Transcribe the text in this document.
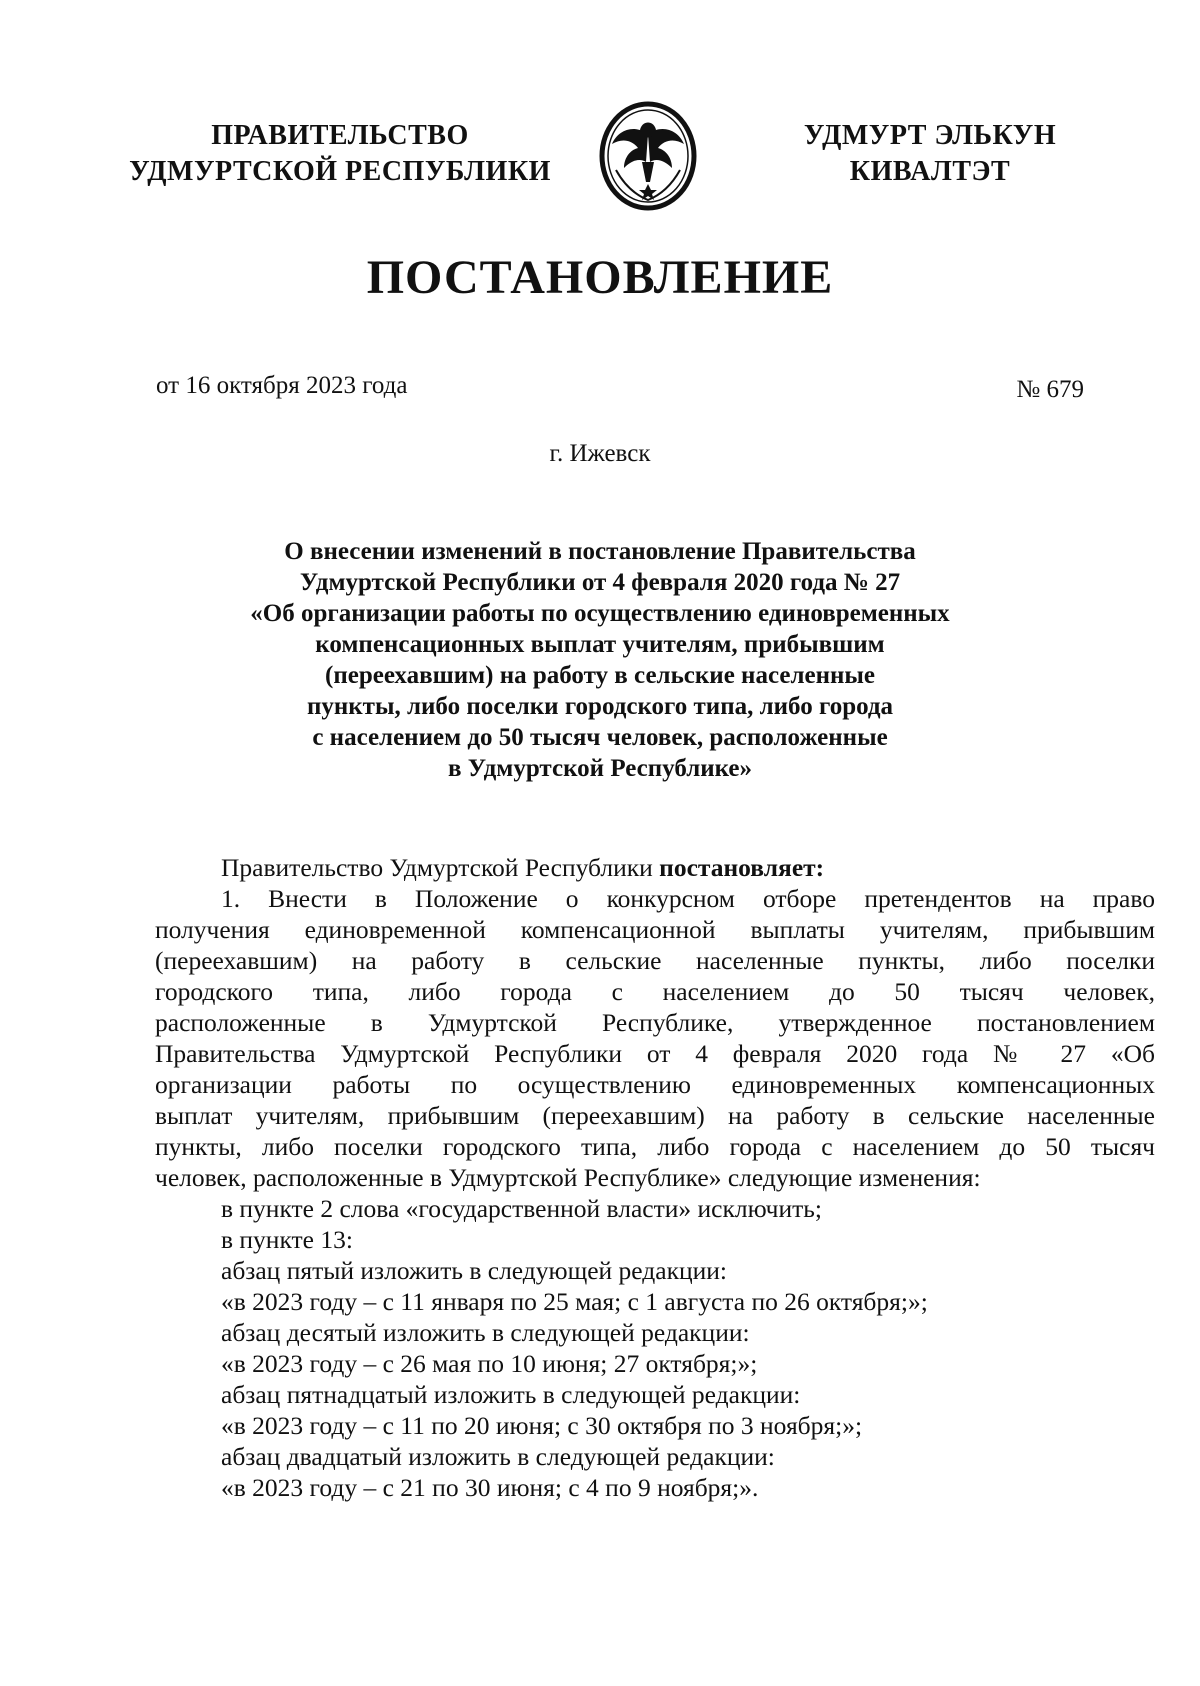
ПРАВИТЕЛЬСТВО
УДМУРТСКОЙ РЕСПУБЛИКИ
УДМУРТ ЭЛЬКУН
КИВАЛТЭТ
ПОСТАНОВЛЕНИЕ
от 16 октября 2023 года	№ 679
г. Ижевск
О внесении изменений в постановление Правительства
Удмуртской Республики от 4 февраля 2020 года № 27
«Об организации работы по осуществлению единовременных
компенсационных выплат учителям, прибывшим
(переехавшим) на работу в сельские населенные
пункты, либо поселки городского типа, либо города
с населением до 50 тысяч человек, расположенные
в Удмуртской Республике»
Правительство Удмуртской Республики постановляет:
1. Внести в Положение о конкурсном отборе претендентов на право
получения единовременной компенсационной выплаты учителям, прибывшим
(переехавшим) на работу в сельские населенные пункты, либо поселки
городского типа, либо города с населением до 50 тысяч человек,
расположенные в Удмуртской Республике, утвержденное постановлением
Правительства Удмуртской Республики от 4 февраля 2020 года № 27 «Об
организации работы по осуществлению единовременных компенсационных
выплат учителям, прибывшим (переехавшим) на работу в сельские населенные
пункты, либо поселки городского типа, либо города с населением до 50 тысяч
человек, расположенные в Удмуртской Республике» следующие изменения:
в пункте 2 слова «государственной власти» исключить;
в пункте 13:
абзац пятый изложить в следующей редакции:
«в 2023 году – с 11 января по 25 мая; с 1 августа по 26 октября;»;
абзац десятый изложить в следующей редакции:
«в 2023 году – с 26 мая по 10 июня; 27 октября;»;
абзац пятнадцатый изложить в следующей редакции:
«в 2023 году – с 11 по 20 июня; с 30 октября по 3 ноября;»;
абзац двадцатый изложить в следующей редакции:
«в 2023 году – с 21 по 30 июня; с 4 по 9 ноября;».
